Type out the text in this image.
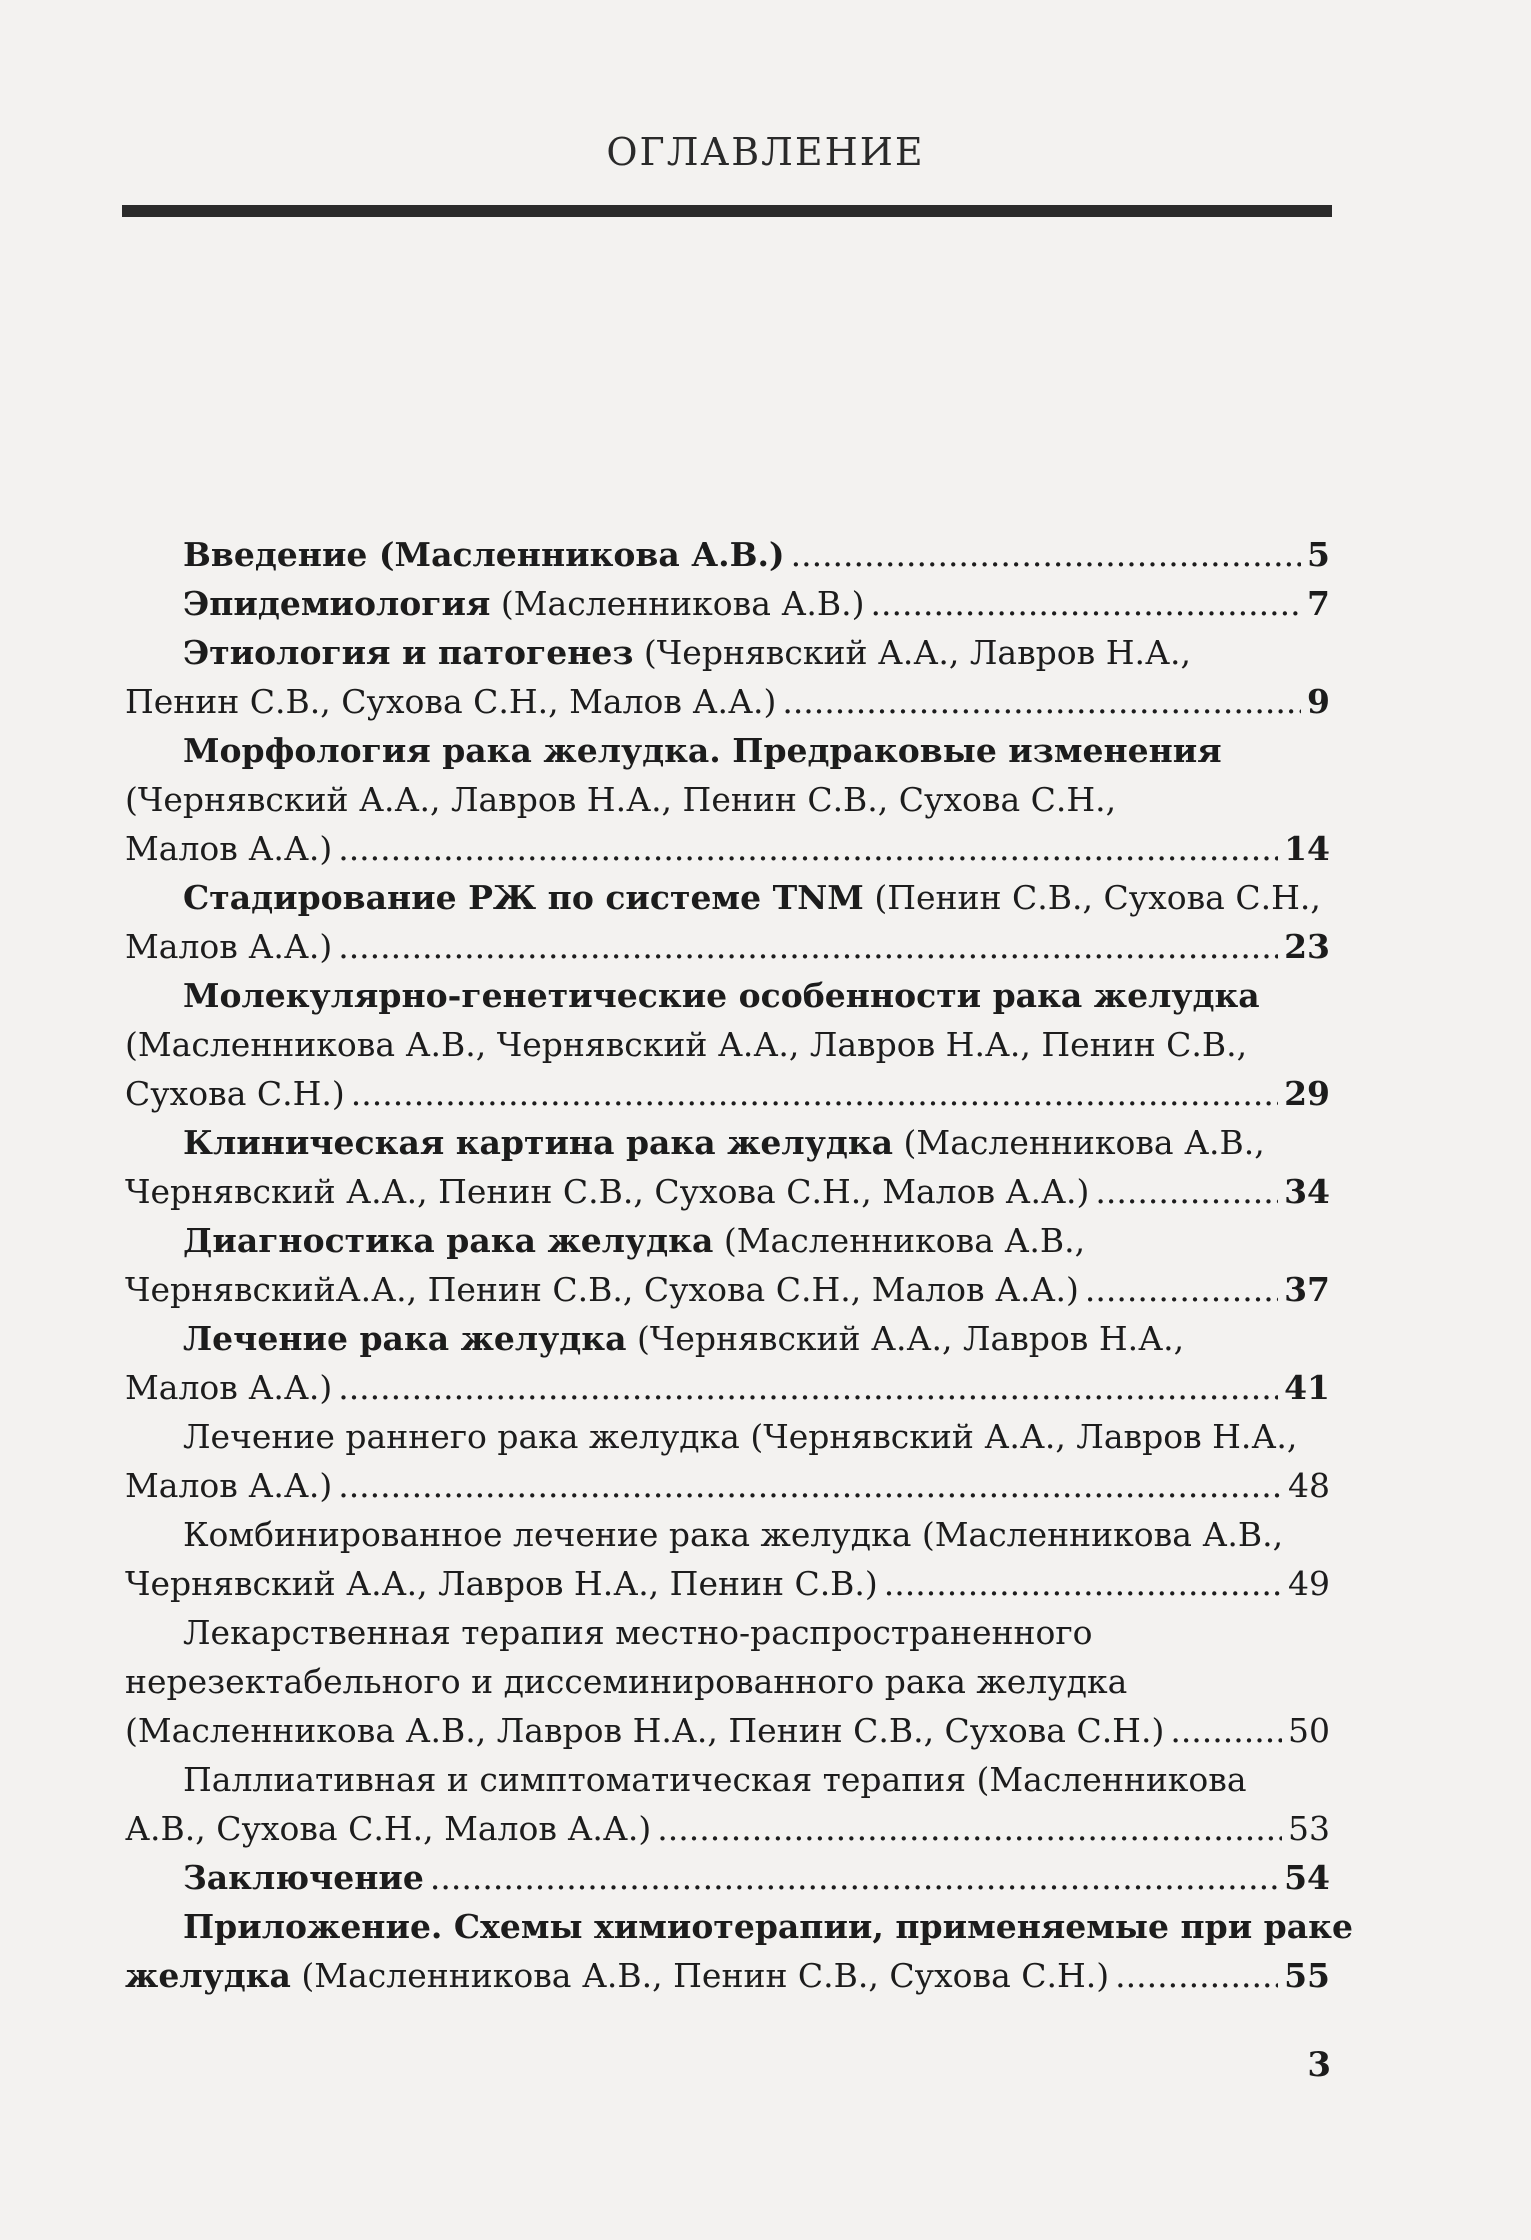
ОГЛАВЛЕНИЕ
Введение (Масленникова А.В.) .....	5
Эпидемиология (Масленникова А.В.) .....	7
Этиология и патогенез (Чернявский А.А., Лавров Н.А.,
Пенин С.В., Сухова С.Н., Малов А.А.) .....	9
Морфология рака желудка. Предраковые изменения
(Чернявский А.А., Лавров Н.А., Пенин С.В., Сухова С.Н.,
Малов А.А.) .....	14
Стадирование РЖ по системе TNM (Пенин С.В., Сухова С.Н.,
Малов А.А.) .....	23
Молекулярно-генетические особенности рака желудка
(Масленникова А.В., Чернявский А.А., Лавров Н.А., Пенин С.В.,
Сухова С.Н.) .....	29
Клиническая картина рака желудка (Масленникова А.В.,
Чернявский А.А., Пенин С.В., Сухова С.Н., Малов А.А.) .....	34
Диагностика рака желудка (Масленникова А.В.,
ЧернявскийА.А., Пенин С.В., Сухова С.Н., Малов А.А.) .....	37
Лечение рака желудка (Чернявский А.А., Лавров Н.А.,
Малов А.А.) .....	41
Лечение раннего рака желудка (Чернявский А.А., Лавров Н.А.,
Малов А.А.) .....	48
Комбинированное лечение рака желудка (Масленникова А.В.,
Чернявский А.А., Лавров Н.А., Пенин С.В.) .....	49
Лекарственная терапия местно-распространенного
нерезектабельного и диссеминированного рака желудка
(Масленникова А.В., Лавров Н.А., Пенин С.В., Сухова С.Н.) .....	50
Паллиативная и симптоматическая терапия (Масленникова
А.В., Сухова С.Н., Малов А.А.) .....	53
Заключение .....	54
Приложение. Схемы химиотерапии, применяемые при раке
желудка (Масленникова А.В., Пенин С.В., Сухова С.Н.) .....	55
3
